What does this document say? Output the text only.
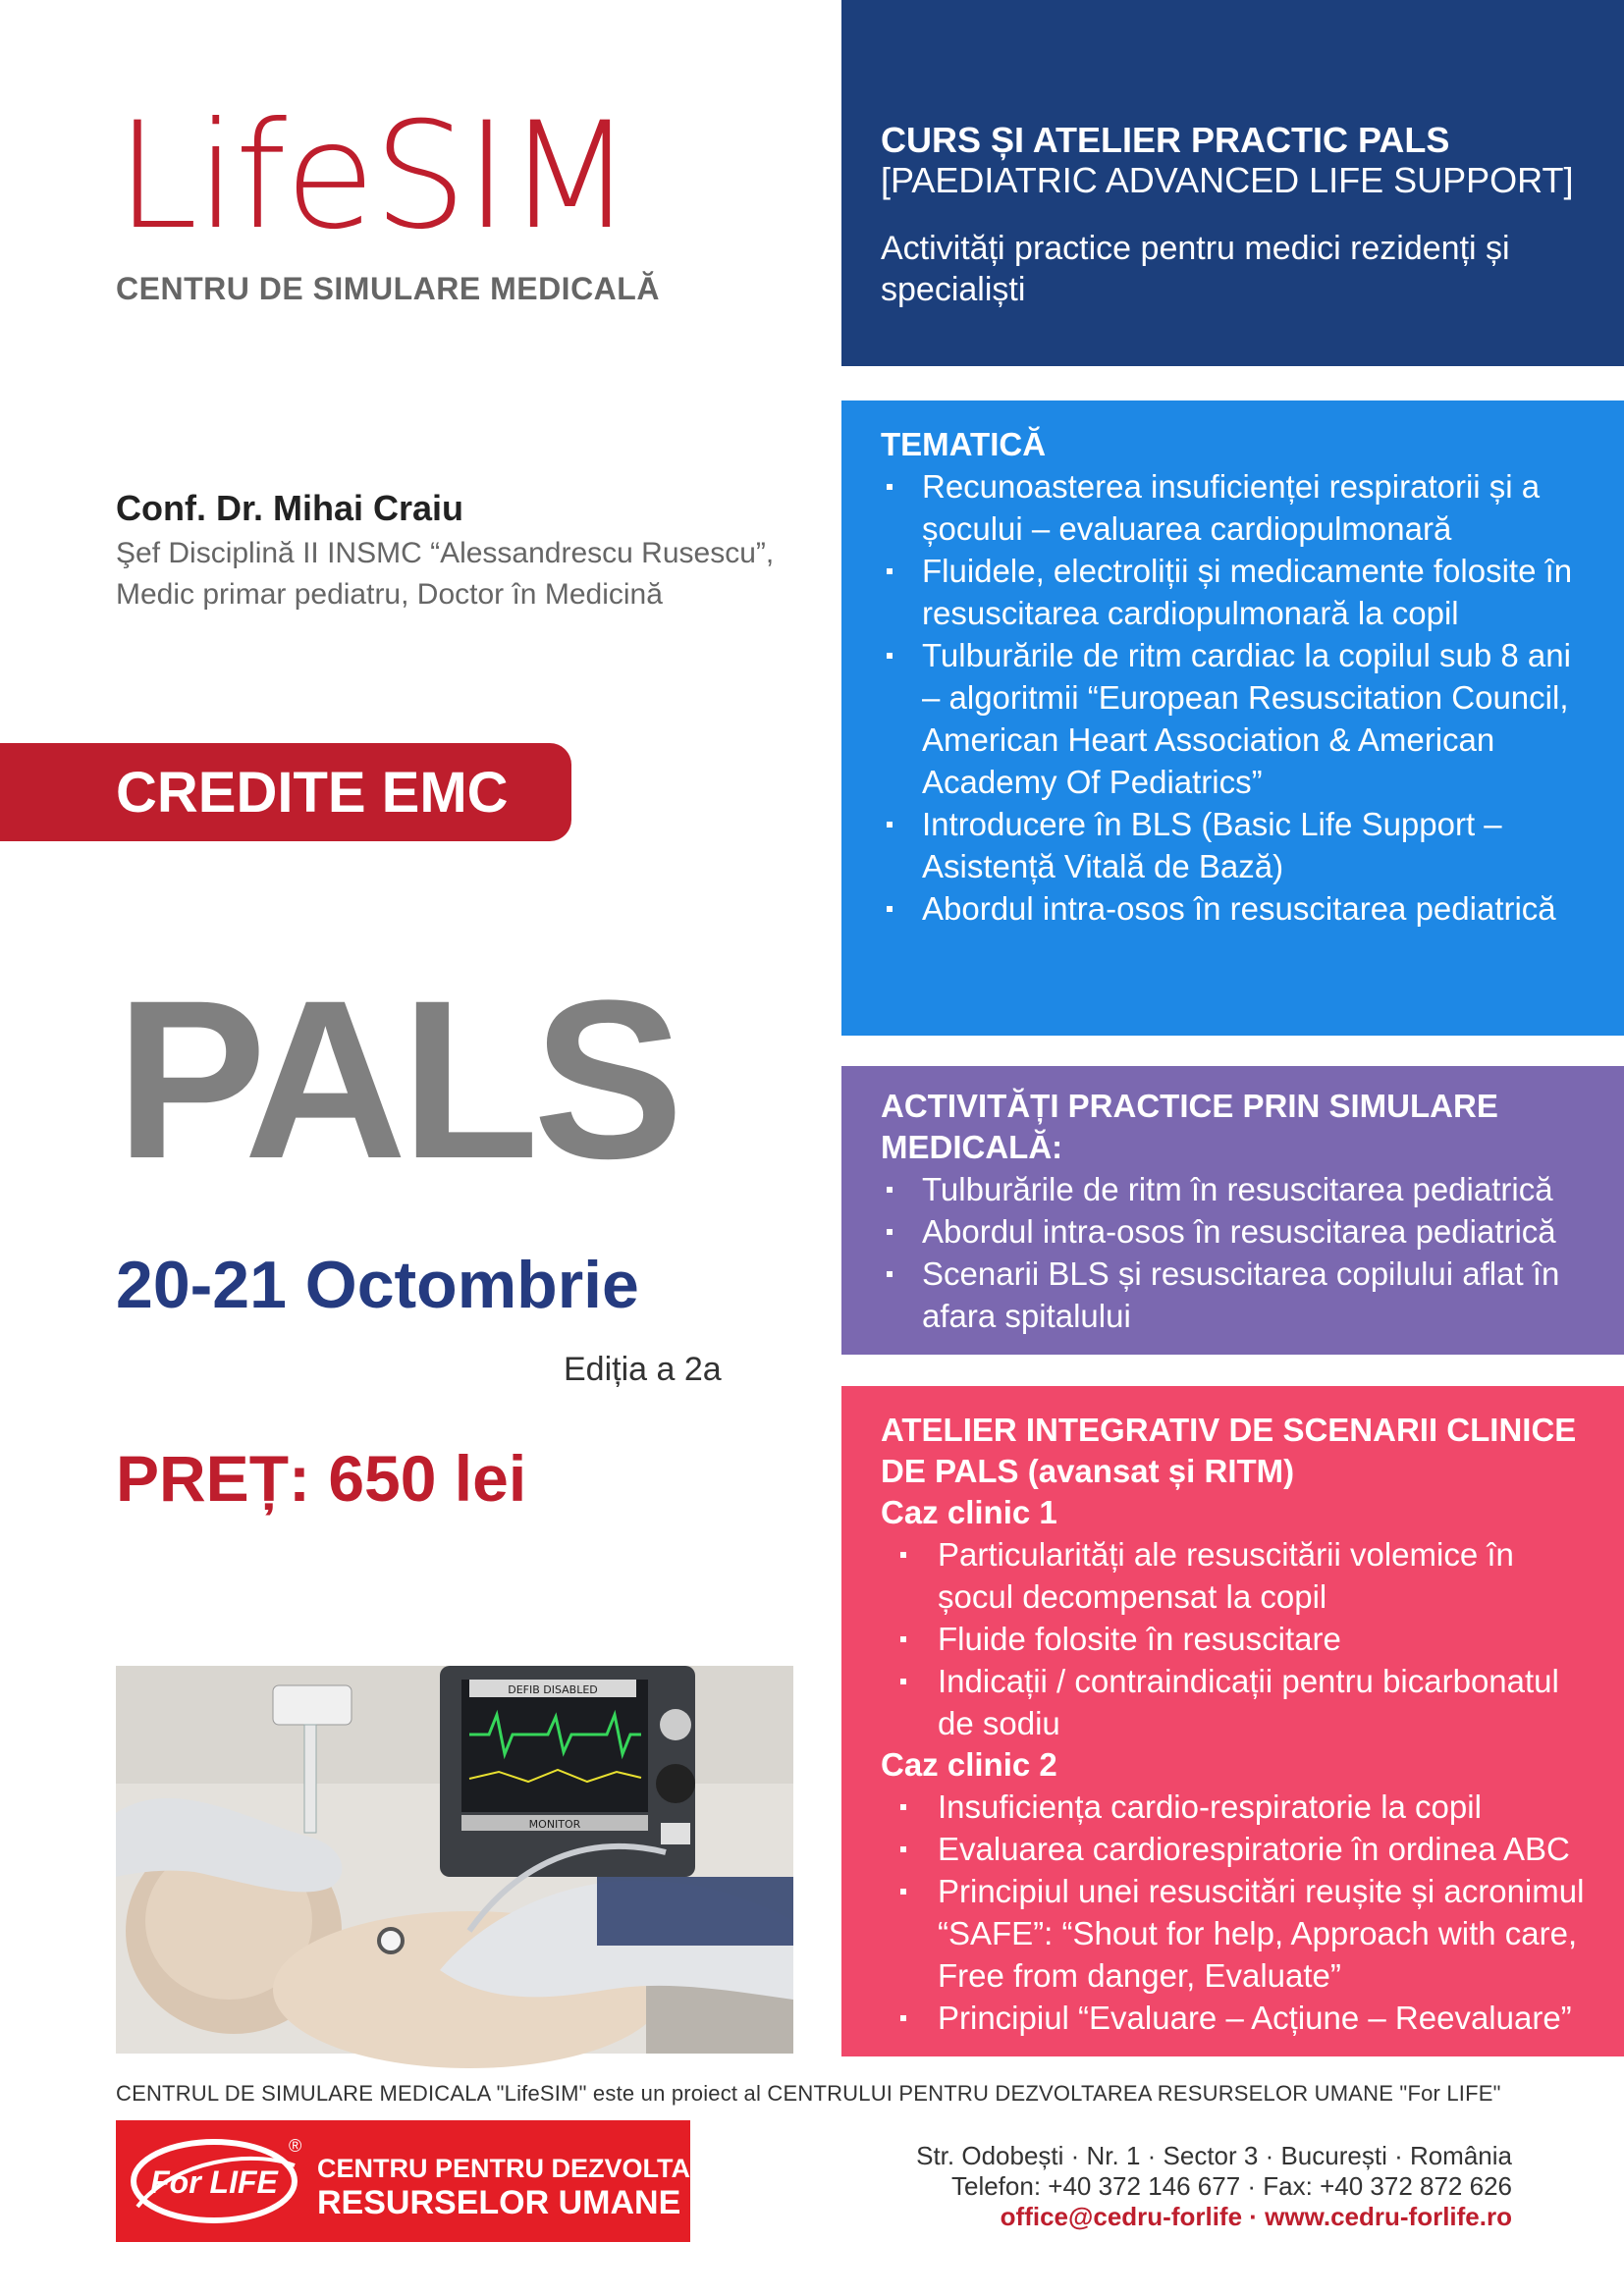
LifeSIM
CENTRU DE SIMULARE MEDICALĂ
Conf. Dr. Mihai Craiu
Şef Disciplină II INSMC “Alessandrescu Rusescu”,
Medic primar pediatru, Doctor în Medicină
CREDITE EMC
PALS
20-21 Octombrie
Ediția a 2a
PREȚ: 650 lei
DEFIB DISABLED
MONITOR
CURS ȘI ATELIER PRACTIC PALS
[PAEDIATRIC ADVANCED LIFE SUPPORT]
Activități practice pentru medici rezidenți și specialiști
TEMATICĂ
Recunoasterea insuficienței respiratorii și a șocului – evaluarea cardiopulmonară
Fluidele, electroliții și medicamente folosite în resuscitarea cardiopulmonară la copil
Tulburările de ritm cardiac la copilul sub 8 ani – algoritmii “European Resuscitation Council, American Heart Association & American Academy Of Pediatrics”
Introducere în BLS (Basic Life Support – Asistență Vitală de Bază)
Abordul intra-osos în resuscitarea pediatrică
ACTIVITĂȚI PRACTICE PRIN SIMULARE MEDICALĂ:
Tulburările de ritm în resuscitarea pediatrică
Abordul intra-osos în resuscitarea pediatrică
Scenarii BLS și resuscitarea copilului aflat în afara spitalului
ATELIER INTEGRATIV DE SCENARII CLINICE DE PALS (avansat și RITM)
Caz clinic 1
Particularități ale resuscitării volemice în șocul decompensat la copil
Fluide folosite în resuscitare
Indicații / contraindicații pentru bicarbonatul de sodiu
Caz clinic 2
Insuficiența cardio-respiratorie la copil
Evaluarea cardiorespiratorie în ordinea ABC
Principiul unei resuscitări reușite și acronimul “SAFE”: “Shout for help, Approach with care, Free from danger, Evaluate”
Principiul “Evaluare – Acțiune – Reevaluare”
CENTRUL DE SIMULARE MEDICALA "LifeSIM" este un proiect al CENTRULUI PENTRU DEZVOLTAREA RESURSELOR UMANE "For LIFE"
For LIFE
®
CENTRU PENTRU DEZVOLTAREA
RESURSELOR UMANE
Str. Odobești · Nr. 1 · Sector 3 · București · România
Telefon: +40 372 146 677 · Fax: +40 372 872 626
office@cedru-forlife · www.cedru-forlife.ro
